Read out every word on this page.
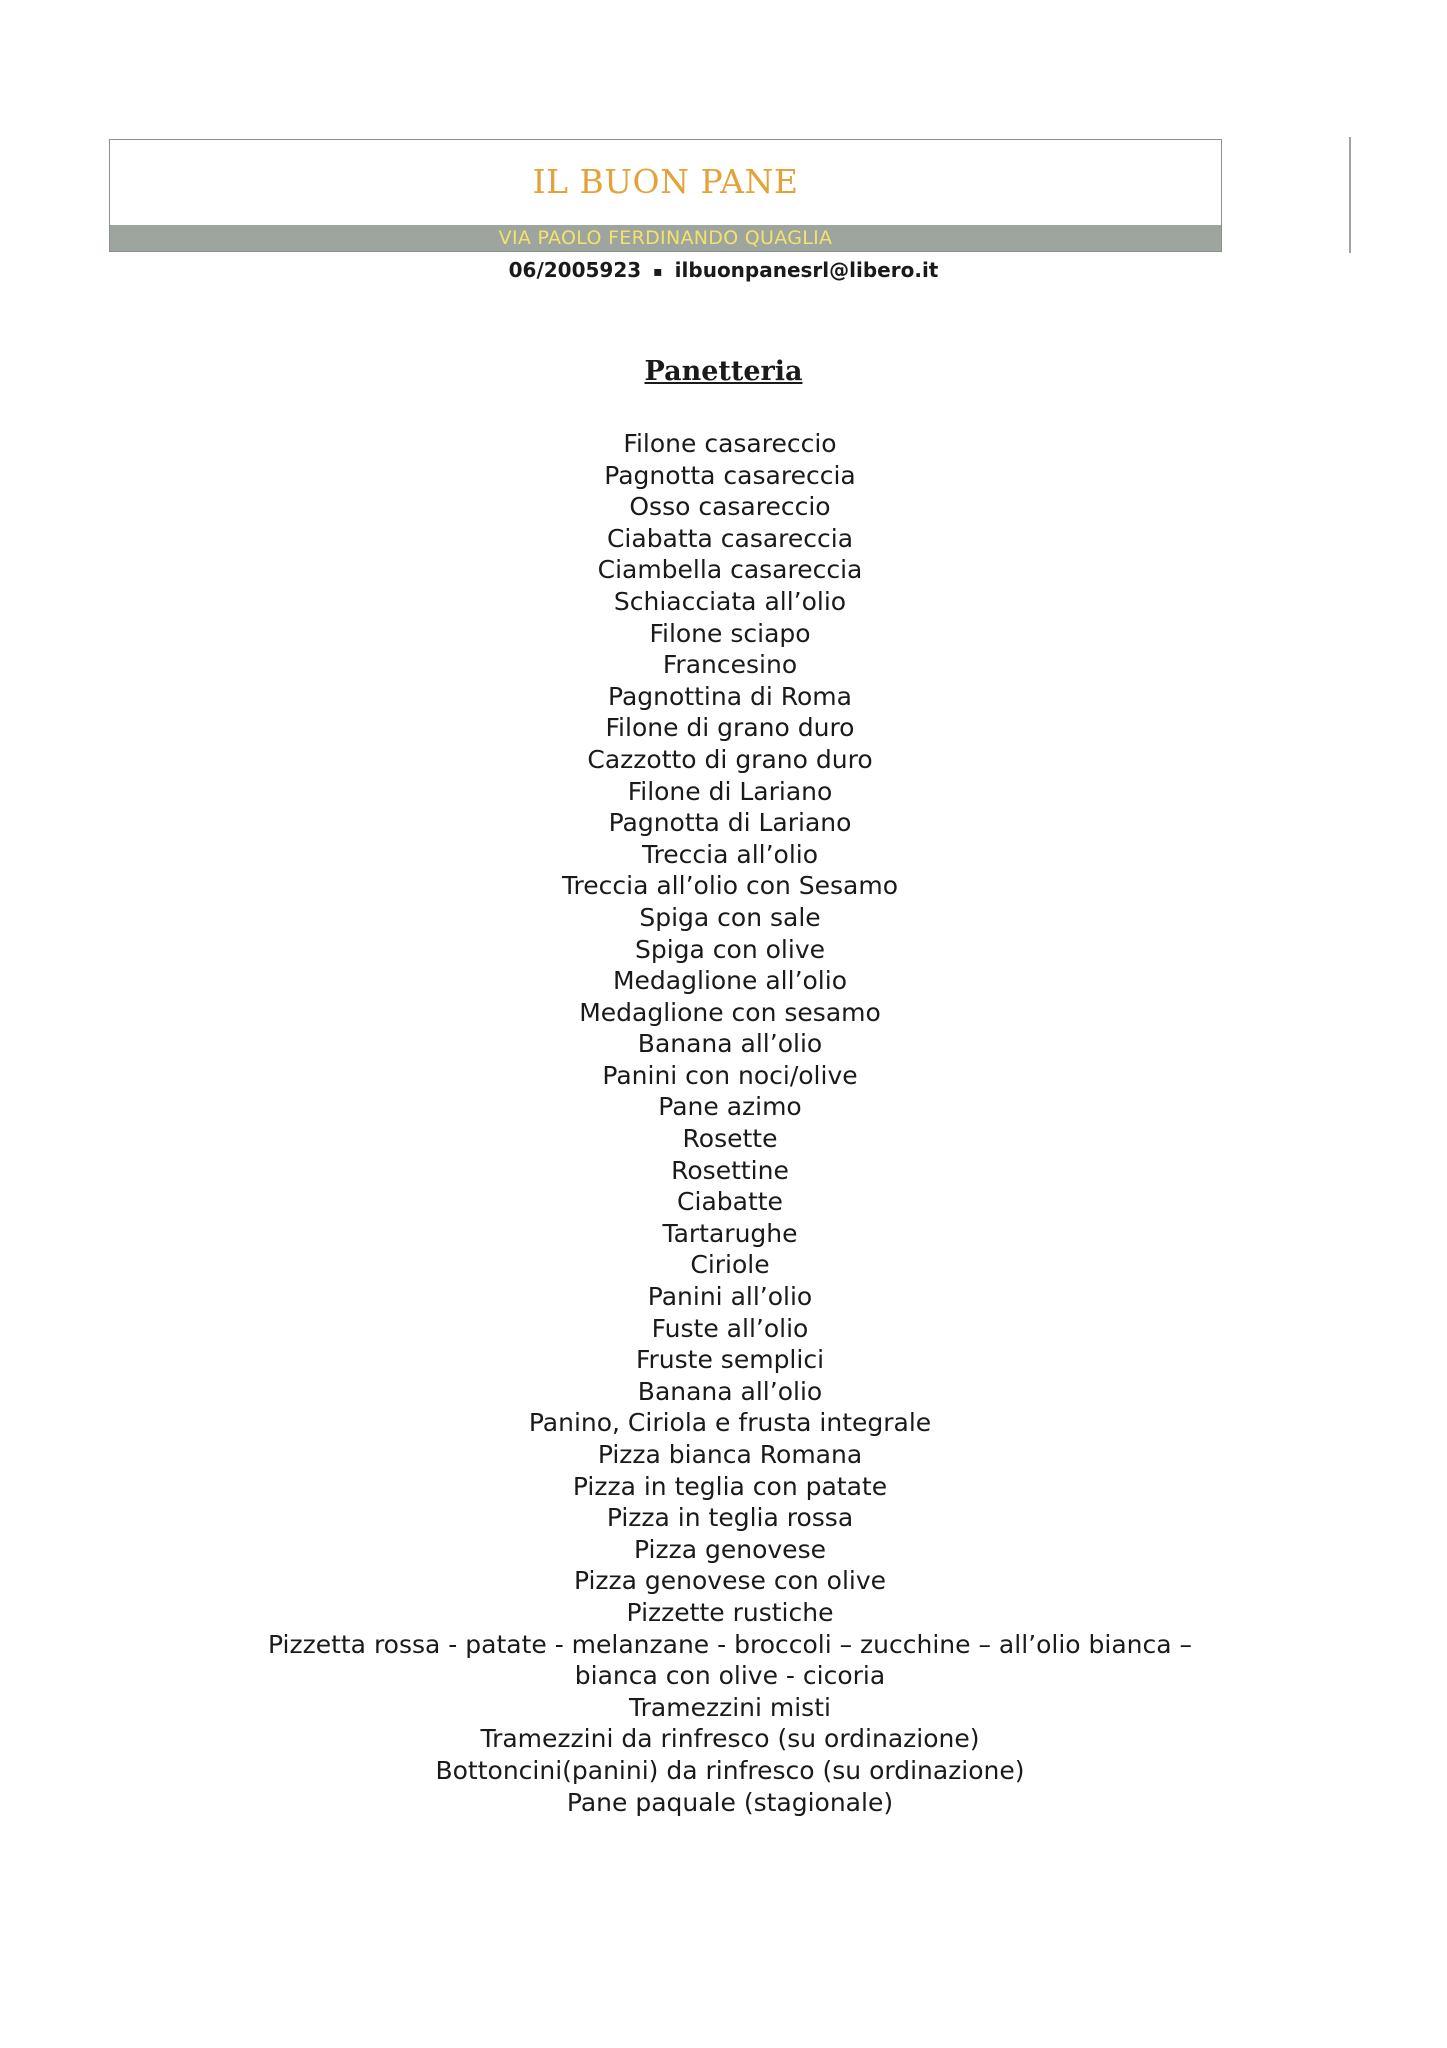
IL BUON PANE
VIA PAOLO FERDINANDO QUAGLIA
06/2005923 ▪ ilbuonpanesrl@libero.it
Panetteria
Filone casareccio
Pagnotta casareccia
Osso casareccio
Ciabatta casareccia
Ciambella casareccia
Schiacciata all’olio
Filone sciapo
Francesino
Pagnottina di Roma
Filone di grano duro
Cazzotto di grano duro
Filone di Lariano
Pagnotta di Lariano
Treccia all’olio
Treccia all’olio con Sesamo
Spiga con sale
Spiga con olive
Medaglione all’olio
Medaglione con sesamo
Banana all’olio
Panini con noci/olive
Pane azimo
Rosette
Rosettine
Ciabatte
Tartarughe
Ciriole
Panini all’olio
Fuste all’olio
Fruste semplici
Banana all’olio
Panino, Ciriola e frusta integrale
Pizza bianca Romana
Pizza in teglia con patate
Pizza in teglia rossa
Pizza genovese
Pizza genovese con olive
Pizzette rustiche
Pizzetta rossa - patate - melanzane - broccoli – zucchine – all’olio bianca –
bianca con olive - cicoria
Tramezzini misti
Tramezzini da rinfresco (su ordinazione)
Bottoncini(panini) da rinfresco (su ordinazione)
Pane paquale (stagionale)
